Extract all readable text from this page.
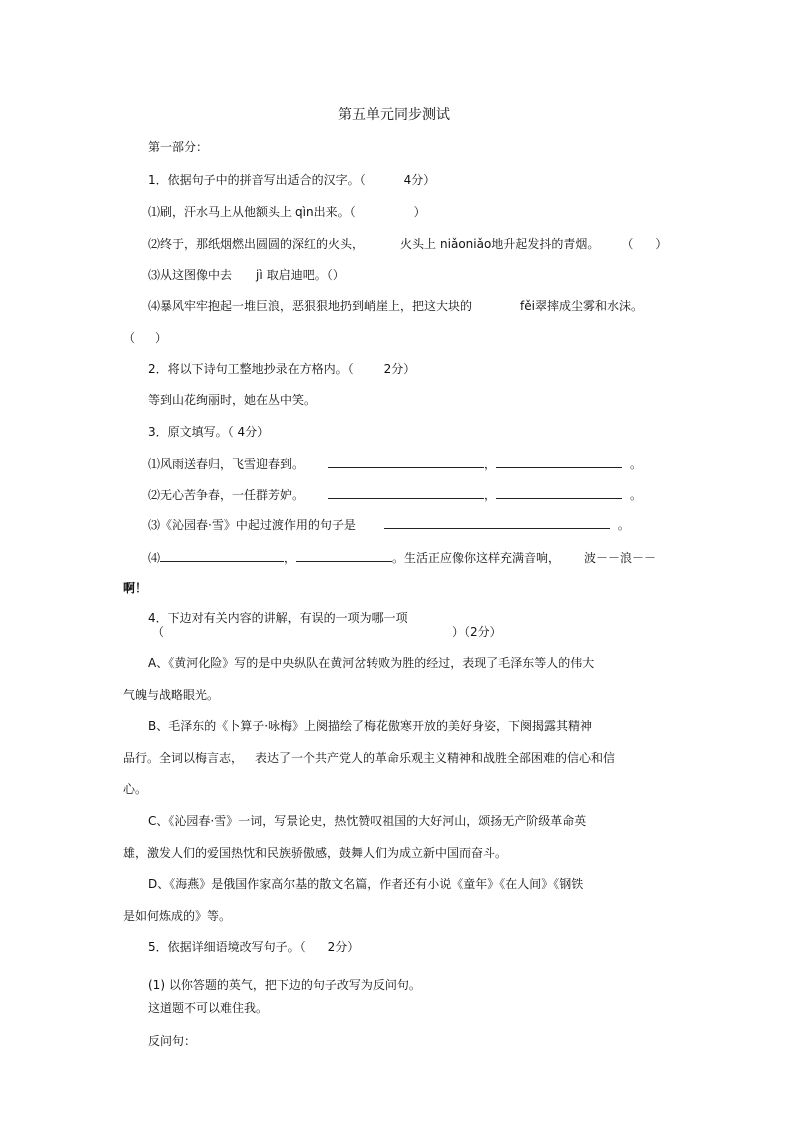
第五单元同步测试
第一部分：
1．依据句子中的拼音写出适合的汉字。（	4分）
⑴刷，汗水马上从他额头上 qìn出来。（	）
⑵终于，那纸烟燃出圆圆的深红的火头，	火头上 niǎoniǎo地升起发抖的青烟。 （ ）
⑶从这图像中去 jì 取启迪吧。（）
⑷暴风牢牢抱起一堆巨浪，恶狠狠地扔到峭崖上，把这大块的	fěi翠摔成尘雾和水沫。
（ ）
2．将以下诗句工整地抄录在方格内。（	2分）
等到山花绚丽时，她在丛中笑。
3．原文填写。（ 4分）
⑴风雨送春归，飞雪迎春到。	，	。
⑵无心苦争春，一任群芳妒。	，	。
⑶《沁园春·雪》中起过渡作用的句子是	。
⑷	，	。生活正应像你这样充满音响， 波－－浪－－
啊！
4．下边对有关内容的讲解，有误的一项为哪一项
（	）（2分）
A、《黄河化险》写的是中央纵队在黄河岔转败为胜的经过，表现了毛泽东等人的伟大
气魄与战略眼光。
B、毛泽东的《卜算子·咏梅》上阕描绘了梅花傲寒开放的美好身姿，下阕揭露其精神
品行。全词以梅言志， 表达了一个共产党人的革命乐观主义精神和战胜全部困难的信心和信
心。
C、《沁园春·雪》一词，写景论史，热忱赞叹祖国的大好河山，颂扬无产阶级革命英
雄，激发人们的爱国热忱和民族骄傲感，鼓舞人们为成立新中国而奋斗。
D、《海燕》是俄国作家高尔基的散文名篇，作者还有小说《童年》《在人间》《钢铁
是如何炼成的》等。
5．依据详细语境改写句子。（ 2分）
(1) 以你答题的英气，把下边的句子改写为反问句。
这道题不可以难住我。
反问句：
